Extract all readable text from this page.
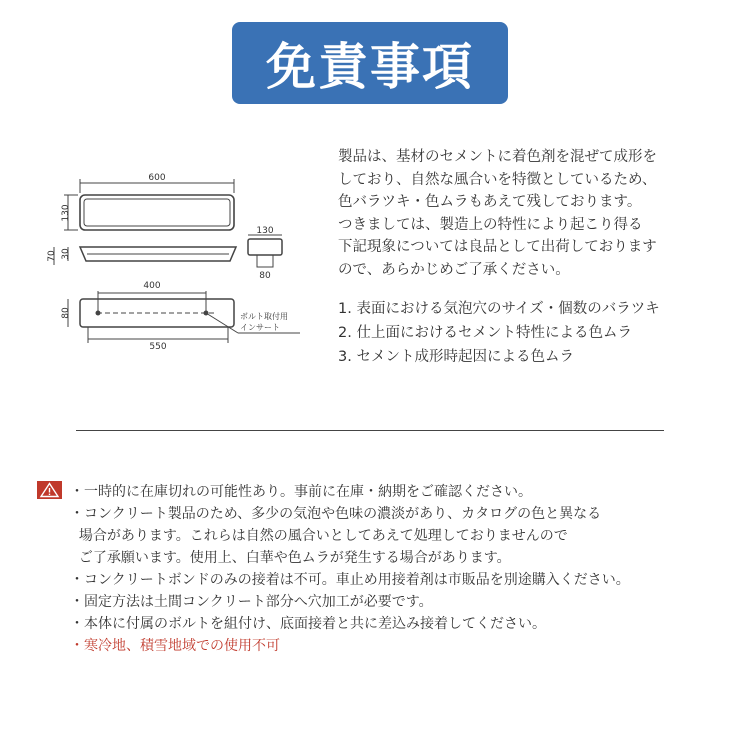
免責事項
600
130
70 30
130
80
80
400
550
ボルト取付用
インサート

製品は、基材のセメントに着色剤を混ぜて成形を

しており、自然な風合いを特徴としているため、

色バラツキ・色ムラもあえて残しております。

つきましては、製造上の特性により起こり得る

下記現象については良品として出荷しております

ので、あらかじめご了承ください。

1. 表面における気泡穴のサイズ・個数のバラツキ
2. 仕上面におけるセメント特性による色ムラ
3. セメント成形時起因による色ムラ
・一時的に在庫切れの可能性あり。事前に在庫・納期をご確認ください。
・コンクリート製品のため、多少の気泡や色味の濃淡があり、カタログの色と異なる
場合があります。これらは自然の風合いとしてあえて処理しておりませんので
ご了承願います。使用上、白華や色ムラが発生する場合があります。
・コンクリートボンドのみの接着は不可。車止め用接着剤は市販品を別途購入ください。
・固定方法は土間コンクリート部分へ穴加工が必要です。
・本体に付属のボルトを組付け、底面接着と共に差込み接着してください。
・寒冷地、積雪地域での使用不可
